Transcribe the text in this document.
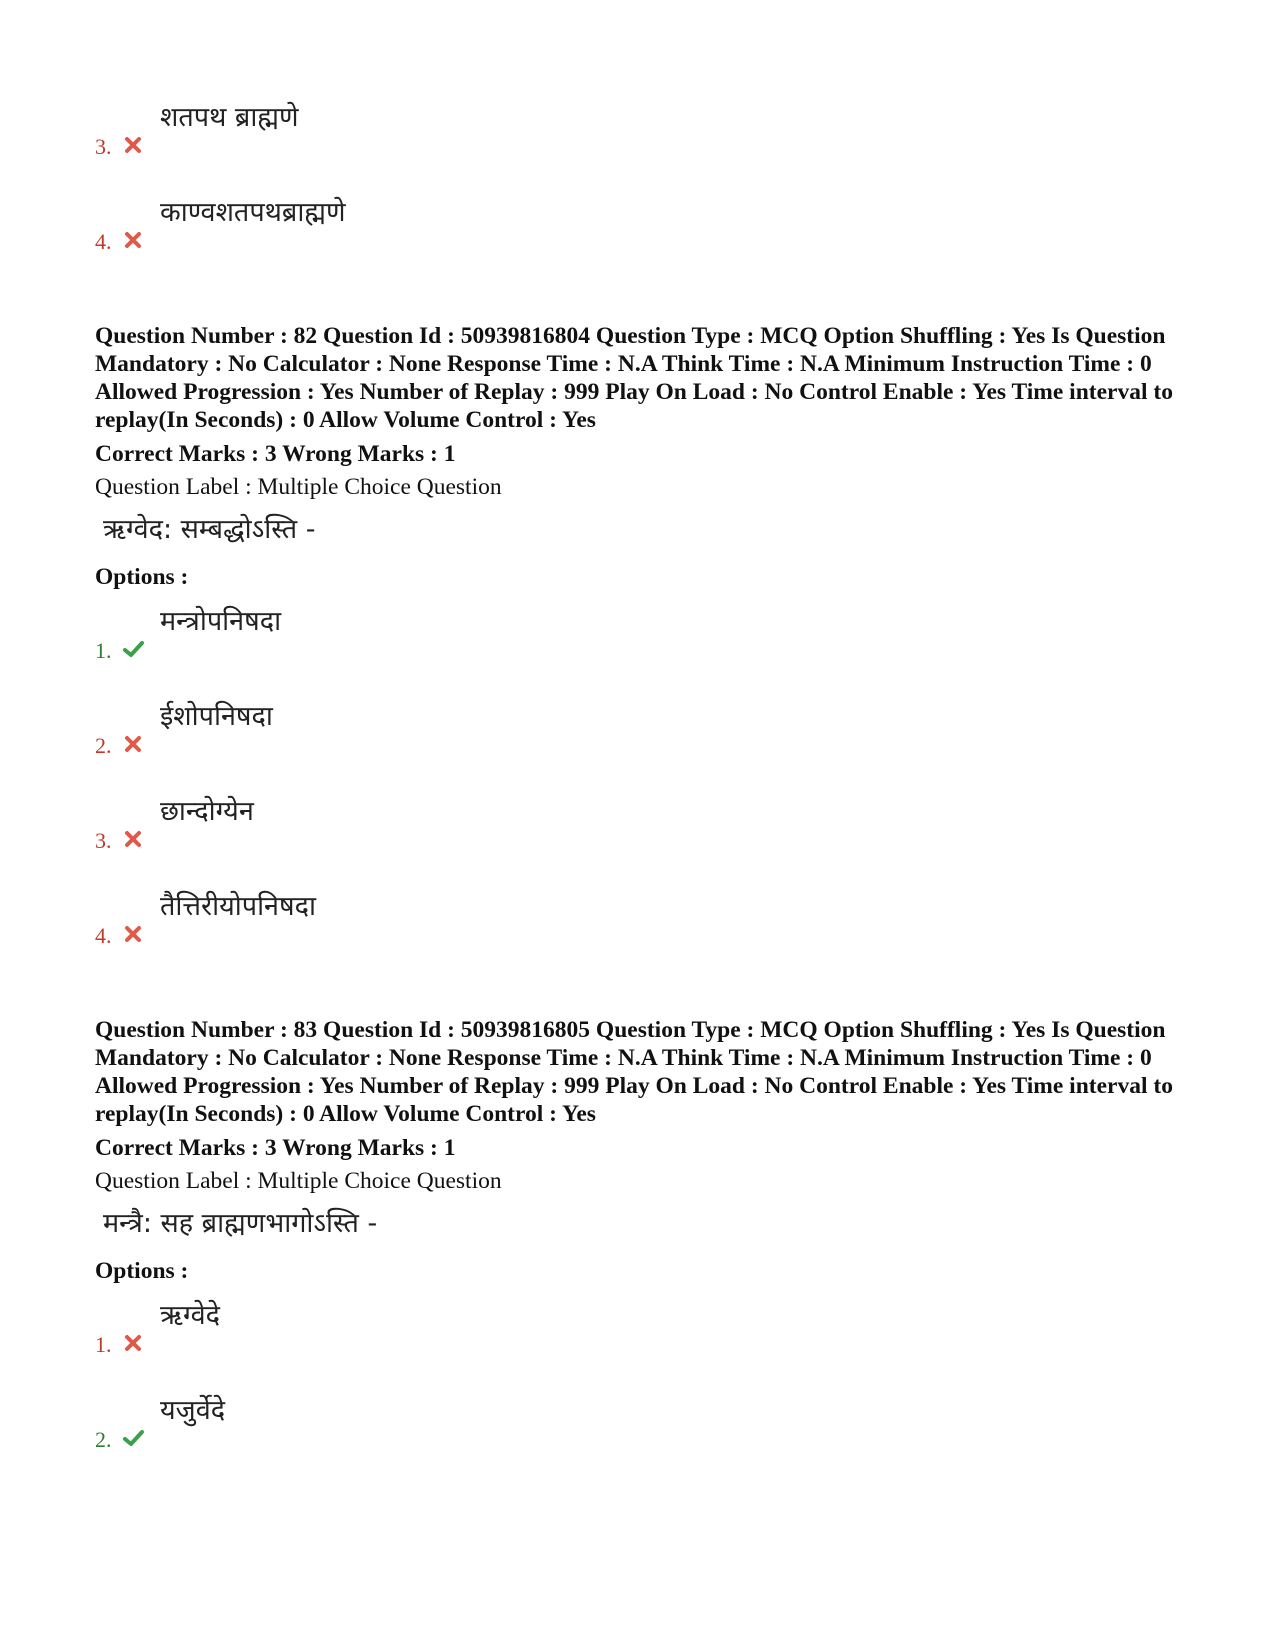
3.
शतपथ ब्राह्मणे
4.
काण्वशतपथब्राह्मणे

Question Number : 82 Question Id : 50939816804 Question Type : MCQ Option Shuffling : Yes Is Question Mandatory : No Calculator : None Response Time : N.A Think Time : N.A Minimum Instruction Time : 0 Allowed Progression : Yes Number of Replay : 999 Play On Load : No Control Enable : Yes Time interval to replay(In Seconds) : 0 Allow Volume Control : Yes

Correct Marks : 3 Wrong Marks : 1
Question Label : Multiple Choice Question
ऋग्वेद: सम्बद्धोऽस्ति -
Options :
1.
मन्त्रोपनिषदा
2.
ईशोपनिषदा
3.
छान्दोग्येन
4.
तैत्तिरीयोपनिषदा

Question Number : 83 Question Id : 50939816805 Question Type : MCQ Option Shuffling : Yes Is Question Mandatory : No Calculator : None Response Time : N.A Think Time : N.A Minimum Instruction Time : 0 Allowed Progression : Yes Number of Replay : 999 Play On Load : No Control Enable : Yes Time interval to replay(In Seconds) : 0 Allow Volume Control : Yes

Correct Marks : 3 Wrong Marks : 1
Question Label : Multiple Choice Question
मन्त्रै: सह ब्राह्मणभागोऽस्ति -
Options :
1.
ऋग्वेदे
2.
यजुर्वेदे
